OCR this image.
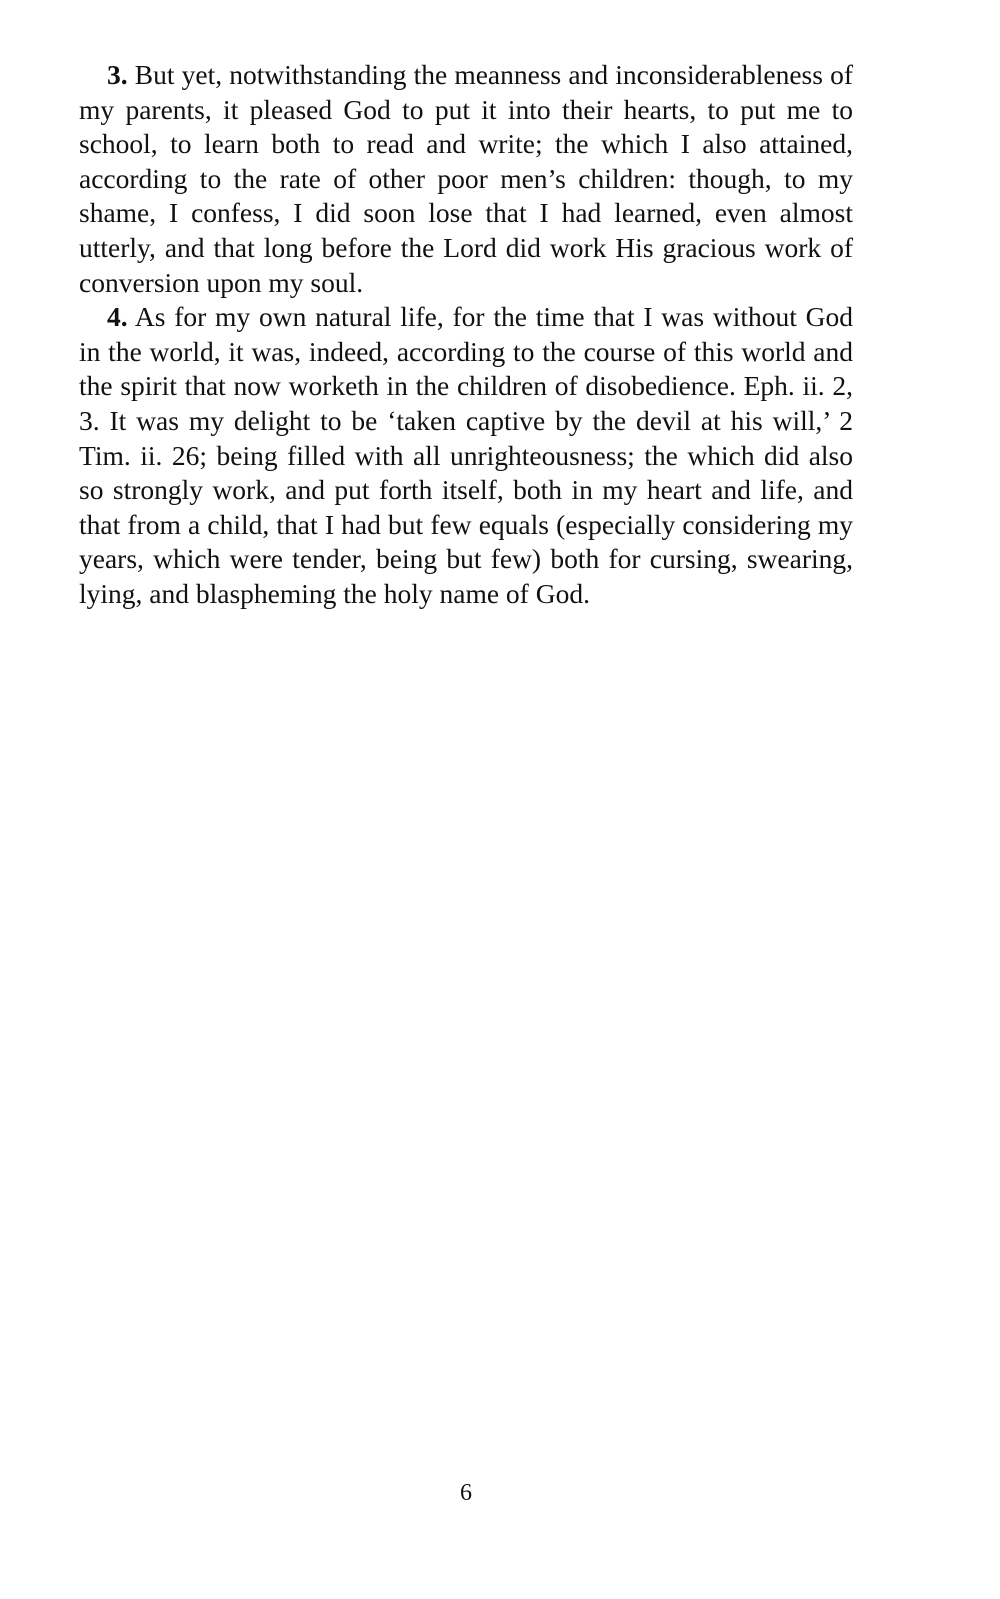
3. But yet, notwithstanding the meanness and inconsiderableness of my parents, it pleased God to put it into their hearts, to put me to school, to learn both to read and write; the which I also attained, according to the rate of other poor men’s children: though, to my shame, I confess, I did soon lose that I had learned, even almost utterly, and that long before the Lord did work His gracious work of conversion upon my soul.

4. As for my own natural life, for the time that I was without God in the world, it was, indeed, according to the course of this world and the spirit that now worketh in the children of disobedience. Eph. ii. 2, 3. It was my delight to be ‘taken captive by the devil at his will,’ 2 Tim. ii. 26; being filled with all unrighteousness; the which did also so strongly work, and put forth itself, both in my heart and life, and that from a child, that I had but few equals (especially considering my years, which were tender, being but few) both for cursing, swearing, lying, and blaspheming the holy name of God.

6
